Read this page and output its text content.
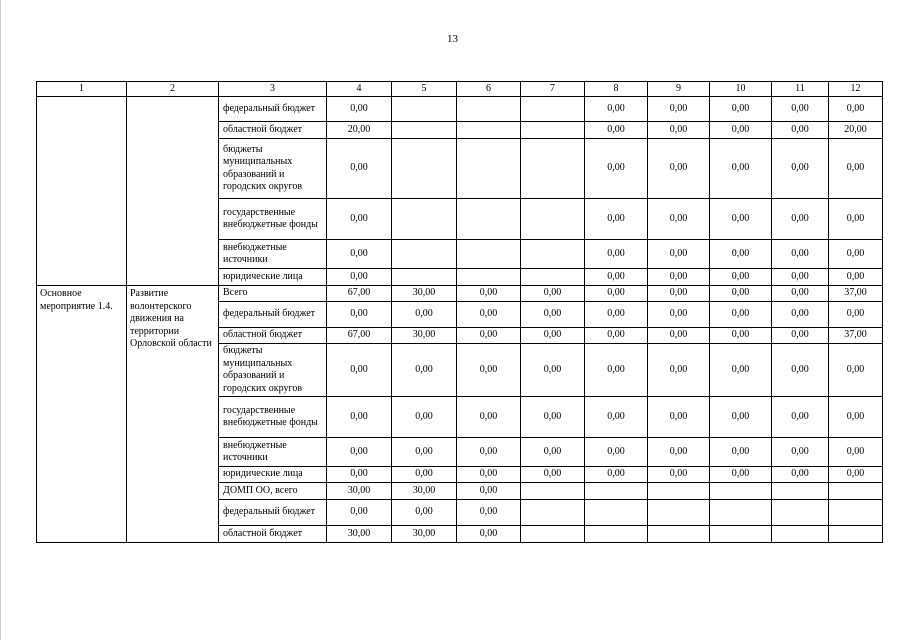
13
1	2	3	4	5	6	7	8	9	10	11	12
		федеральный бюджет	0,00				0,00	0,00	0,00	0,00	0,00
		областной бюджет	20,00				0,00	0,00	0,00	0,00	20,00
		бюджеты муниципальных образований и городских округов	0,00				0,00	0,00	0,00	0,00	0,00
		государственные внебюджетные фонды	0,00				0,00	0,00	0,00	0,00	0,00
		внебюджетные источники	0,00				0,00	0,00	0,00	0,00	0,00
		юридические лица	0,00				0,00	0,00	0,00	0,00	0,00
Основное мероприятие 1.4.	Развитие волонтерского движения на территории Орловской области	Всего	67,00	30,00	0,00	0,00	0,00	0,00	0,00	0,00	37,00
		федеральный бюджет	0,00	0,00	0,00	0,00	0,00	0,00	0,00	0,00	0,00
		областной бюджет	67,00	30,00	0,00	0,00	0,00	0,00	0,00	0,00	37,00
		бюджеты муниципальных образований и городских округов	0,00	0,00	0,00	0,00	0,00	0,00	0,00	0,00	0,00
		государственные внебюджетные фонды	0,00	0,00	0,00	0,00	0,00	0,00	0,00	0,00	0,00
		внебюджетные источники	0,00	0,00	0,00	0,00	0,00	0,00	0,00	0,00	0,00
		юридические лица	0,00	0,00	0,00	0,00	0,00	0,00	0,00	0,00	0,00
		ДОМП ОО, всего	30,00	30,00	0,00						
		федеральный бюджет	0,00	0,00	0,00						
		областной бюджет	30,00	30,00	0,00						
